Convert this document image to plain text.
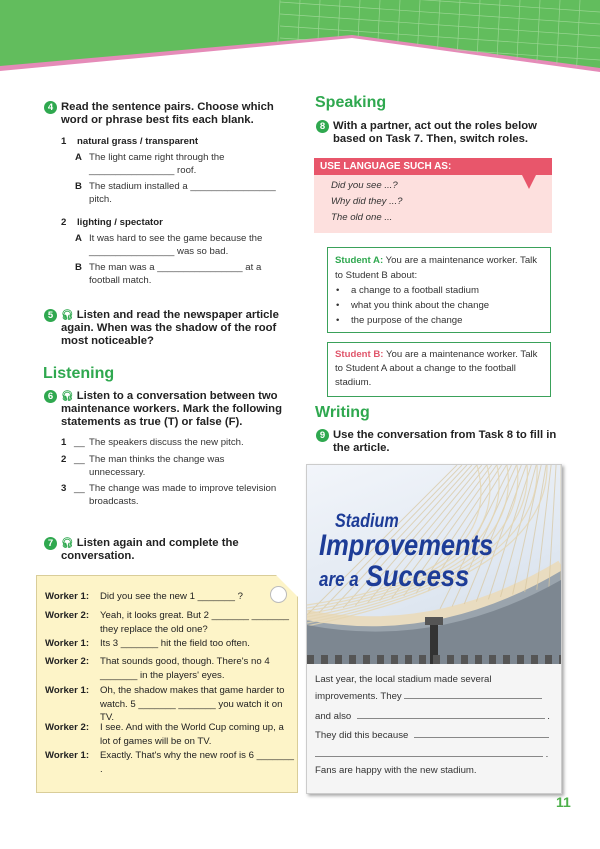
4 Read the sentence pairs. Choose which
word or phrase best fits each blank.
1 natural grass / transparent
A The light came right through the
________________ roof.
B The stadium installed a ________________
pitch.
2 lighting / spectator
A It was hard to see the game because the
________________ was so bad.
B The man was a ________________ at a
football match.
5 🎧︎ Listen and read the newspaper article
again. When was the shadow of the roof
most noticeable?
Listening
6 🎧︎ Listen to a conversation between two
maintenance workers. Mark the following
statements as true (T) or false (F).
1 __ The speakers discuss the new pitch.
2 __ The man thinks the change was
unnecessary.
3 __ The change was made to improve television
broadcasts.
7 🎧︎ Listen again and complete the
conversation.
Worker 1: Did you see the new 1 _______ ?
Worker 2: Yeah, it looks great. But 2 _______ _______ they replace the old one?
Worker 1: Its 3 _______ hit the field too often.
Worker 2: That sounds good, though. There's no 4 _______ in the players' eyes.
Worker 1: Oh, the shadow makes that game harder to watch. 5 _______ _______ you watch it on TV.
Worker 2: I see. And with the World Cup coming up, a lot of games will be on TV.
Worker 1: Exactly. That's why the new roof is 6 _______ .
Speaking
8 With a partner, act out the roles below
based on Task 7. Then, switch roles.
USE LANGUAGE SUCH AS:
Did you see ...?
Why did they ...?
The old one ...
Student A: You are a maintenance worker. Talk to Student B about:
• a change to a football stadium
• what you think about the change
• the purpose of the change
Student B: You are a maintenance worker. Talk to Student A about a change to the football stadium.
Writing
9 Use the conversation from Task 8 to fill in
the article.
Stadium
Improvements
are a Success
Last year, the local stadium made several
improvements. They
and also	.
They did this because
.
Fans are happy with the new stadium.
11
